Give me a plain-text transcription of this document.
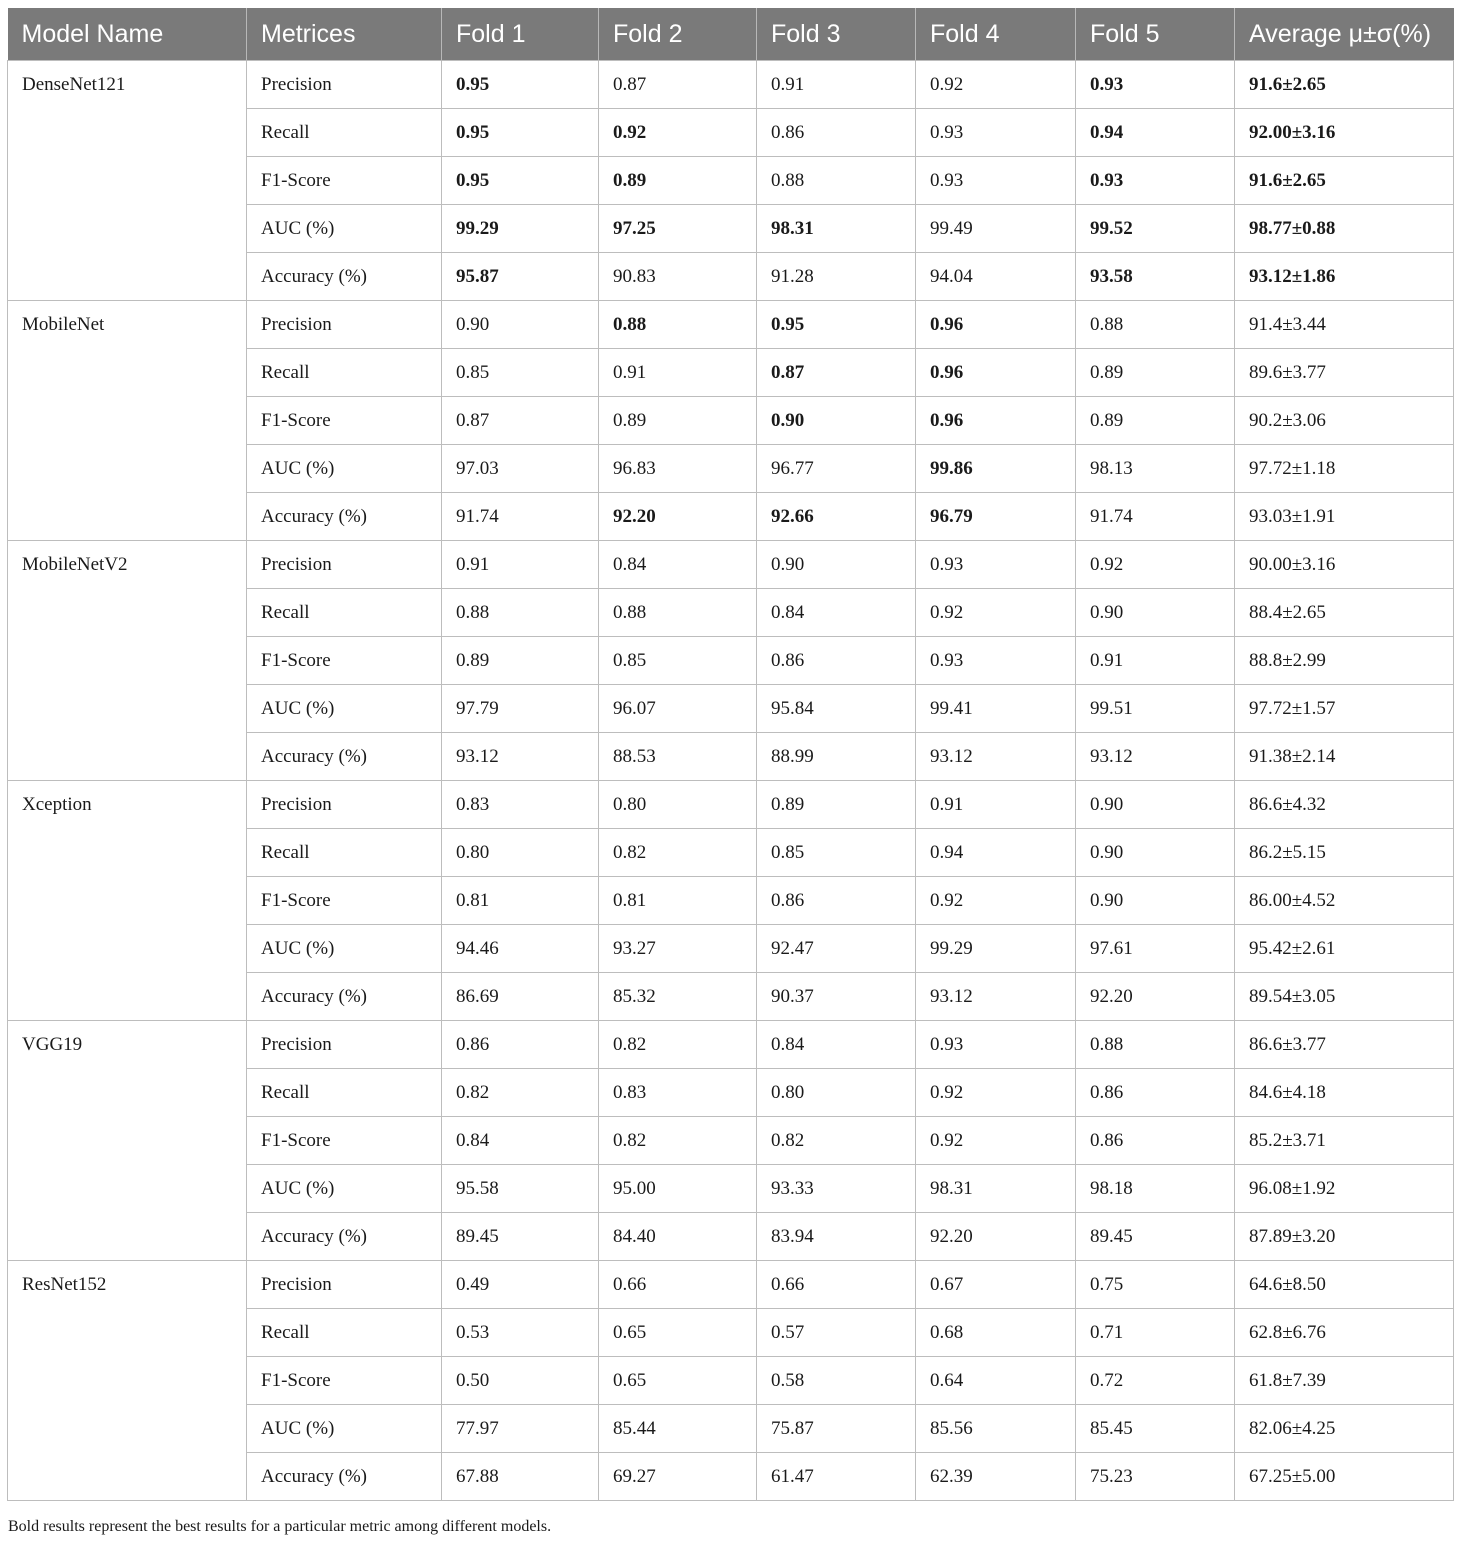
Model Name	Metrices	Fold 1	Fold 2	Fold 3	Fold 4	Fold 5	Average μ±σ(%)
DenseNet121	Precision	0.95	0.87	0.91	0.92	0.93	91.6±2.65
	Recall	0.95	0.92	0.86	0.93	0.94	92.00±3.16
	F1-Score	0.95	0.89	0.88	0.93	0.93	91.6±2.65
	AUC (%)	99.29	97.25	98.31	99.49	99.52	98.77±0.88
	Accuracy (%)	95.87	90.83	91.28	94.04	93.58	93.12±1.86
MobileNet	Precision	0.90	0.88	0.95	0.96	0.88	91.4±3.44
	Recall	0.85	0.91	0.87	0.96	0.89	89.6±3.77
	F1-Score	0.87	0.89	0.90	0.96	0.89	90.2±3.06
	AUC (%)	97.03	96.83	96.77	99.86	98.13	97.72±1.18
	Accuracy (%)	91.74	92.20	92.66	96.79	91.74	93.03±1.91
MobileNetV2	Precision	0.91	0.84	0.90	0.93	0.92	90.00±3.16
	Recall	0.88	0.88	0.84	0.92	0.90	88.4±2.65
	F1-Score	0.89	0.85	0.86	0.93	0.91	88.8±2.99
	AUC (%)	97.79	96.07	95.84	99.41	99.51	97.72±1.57
	Accuracy (%)	93.12	88.53	88.99	93.12	93.12	91.38±2.14
Xception	Precision	0.83	0.80	0.89	0.91	0.90	86.6±4.32
	Recall	0.80	0.82	0.85	0.94	0.90	86.2±5.15
	F1-Score	0.81	0.81	0.86	0.92	0.90	86.00±4.52
	AUC (%)	94.46	93.27	92.47	99.29	97.61	95.42±2.61
	Accuracy (%)	86.69	85.32	90.37	93.12	92.20	89.54±3.05
VGG19	Precision	0.86	0.82	0.84	0.93	0.88	86.6±3.77
	Recall	0.82	0.83	0.80	0.92	0.86	84.6±4.18
	F1-Score	0.84	0.82	0.82	0.92	0.86	85.2±3.71
	AUC (%)	95.58	95.00	93.33	98.31	98.18	96.08±1.92
	Accuracy (%)	89.45	84.40	83.94	92.20	89.45	87.89±3.20
ResNet152	Precision	0.49	0.66	0.66	0.67	0.75	64.6±8.50
	Recall	0.53	0.65	0.57	0.68	0.71	62.8±6.76
	F1-Score	0.50	0.65	0.58	0.64	0.72	61.8±7.39
	AUC (%)	77.97	85.44	75.87	85.56	85.45	82.06±4.25
	Accuracy (%)	67.88	69.27	61.47	62.39	75.23	67.25±5.00

Bold results represent the best results for a particular metric among different models.
